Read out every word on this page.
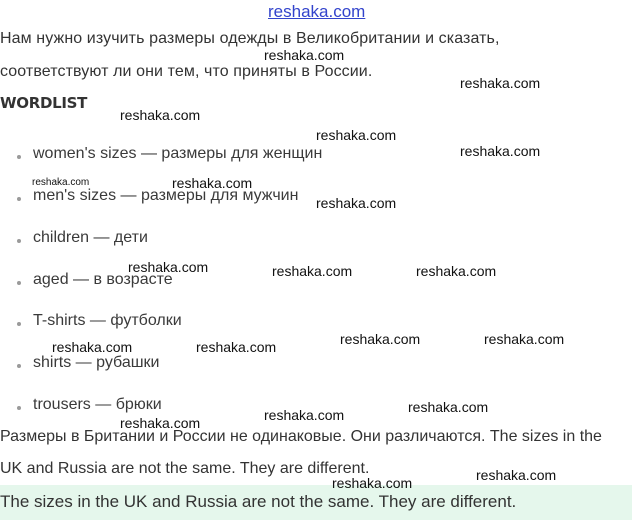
reshaka.com
Нам нужно изучить размеры одежды в Великобритании и сказать,
соответствуют ли они тем, что приняты в России.
WORDLIST
women's sizes — размеры для женщин
men's sizes — размеры для мужчин
children — дети
aged — в возрасте
T-shirts — футболки
shirts — рубашки
trousers — брюки
Размеры в Британии и России не одинаковые. Они различаются. The sizes in the
UK and Russia are not the same. They are different.
The sizes in the UK and Russia are not the same. They are different.
reshaka.com
reshaka.com
reshaka.com
reshaka.com
reshaka.com
reshaka.com	reshaka.com
reshaka.com
reshaka.com	reshaka.com	reshaka.com
reshaka.com	reshaka.com
reshaka.com	reshaka.com
reshaka.com
reshaka.com
reshaka.com
reshaka.com
reshaka.com
